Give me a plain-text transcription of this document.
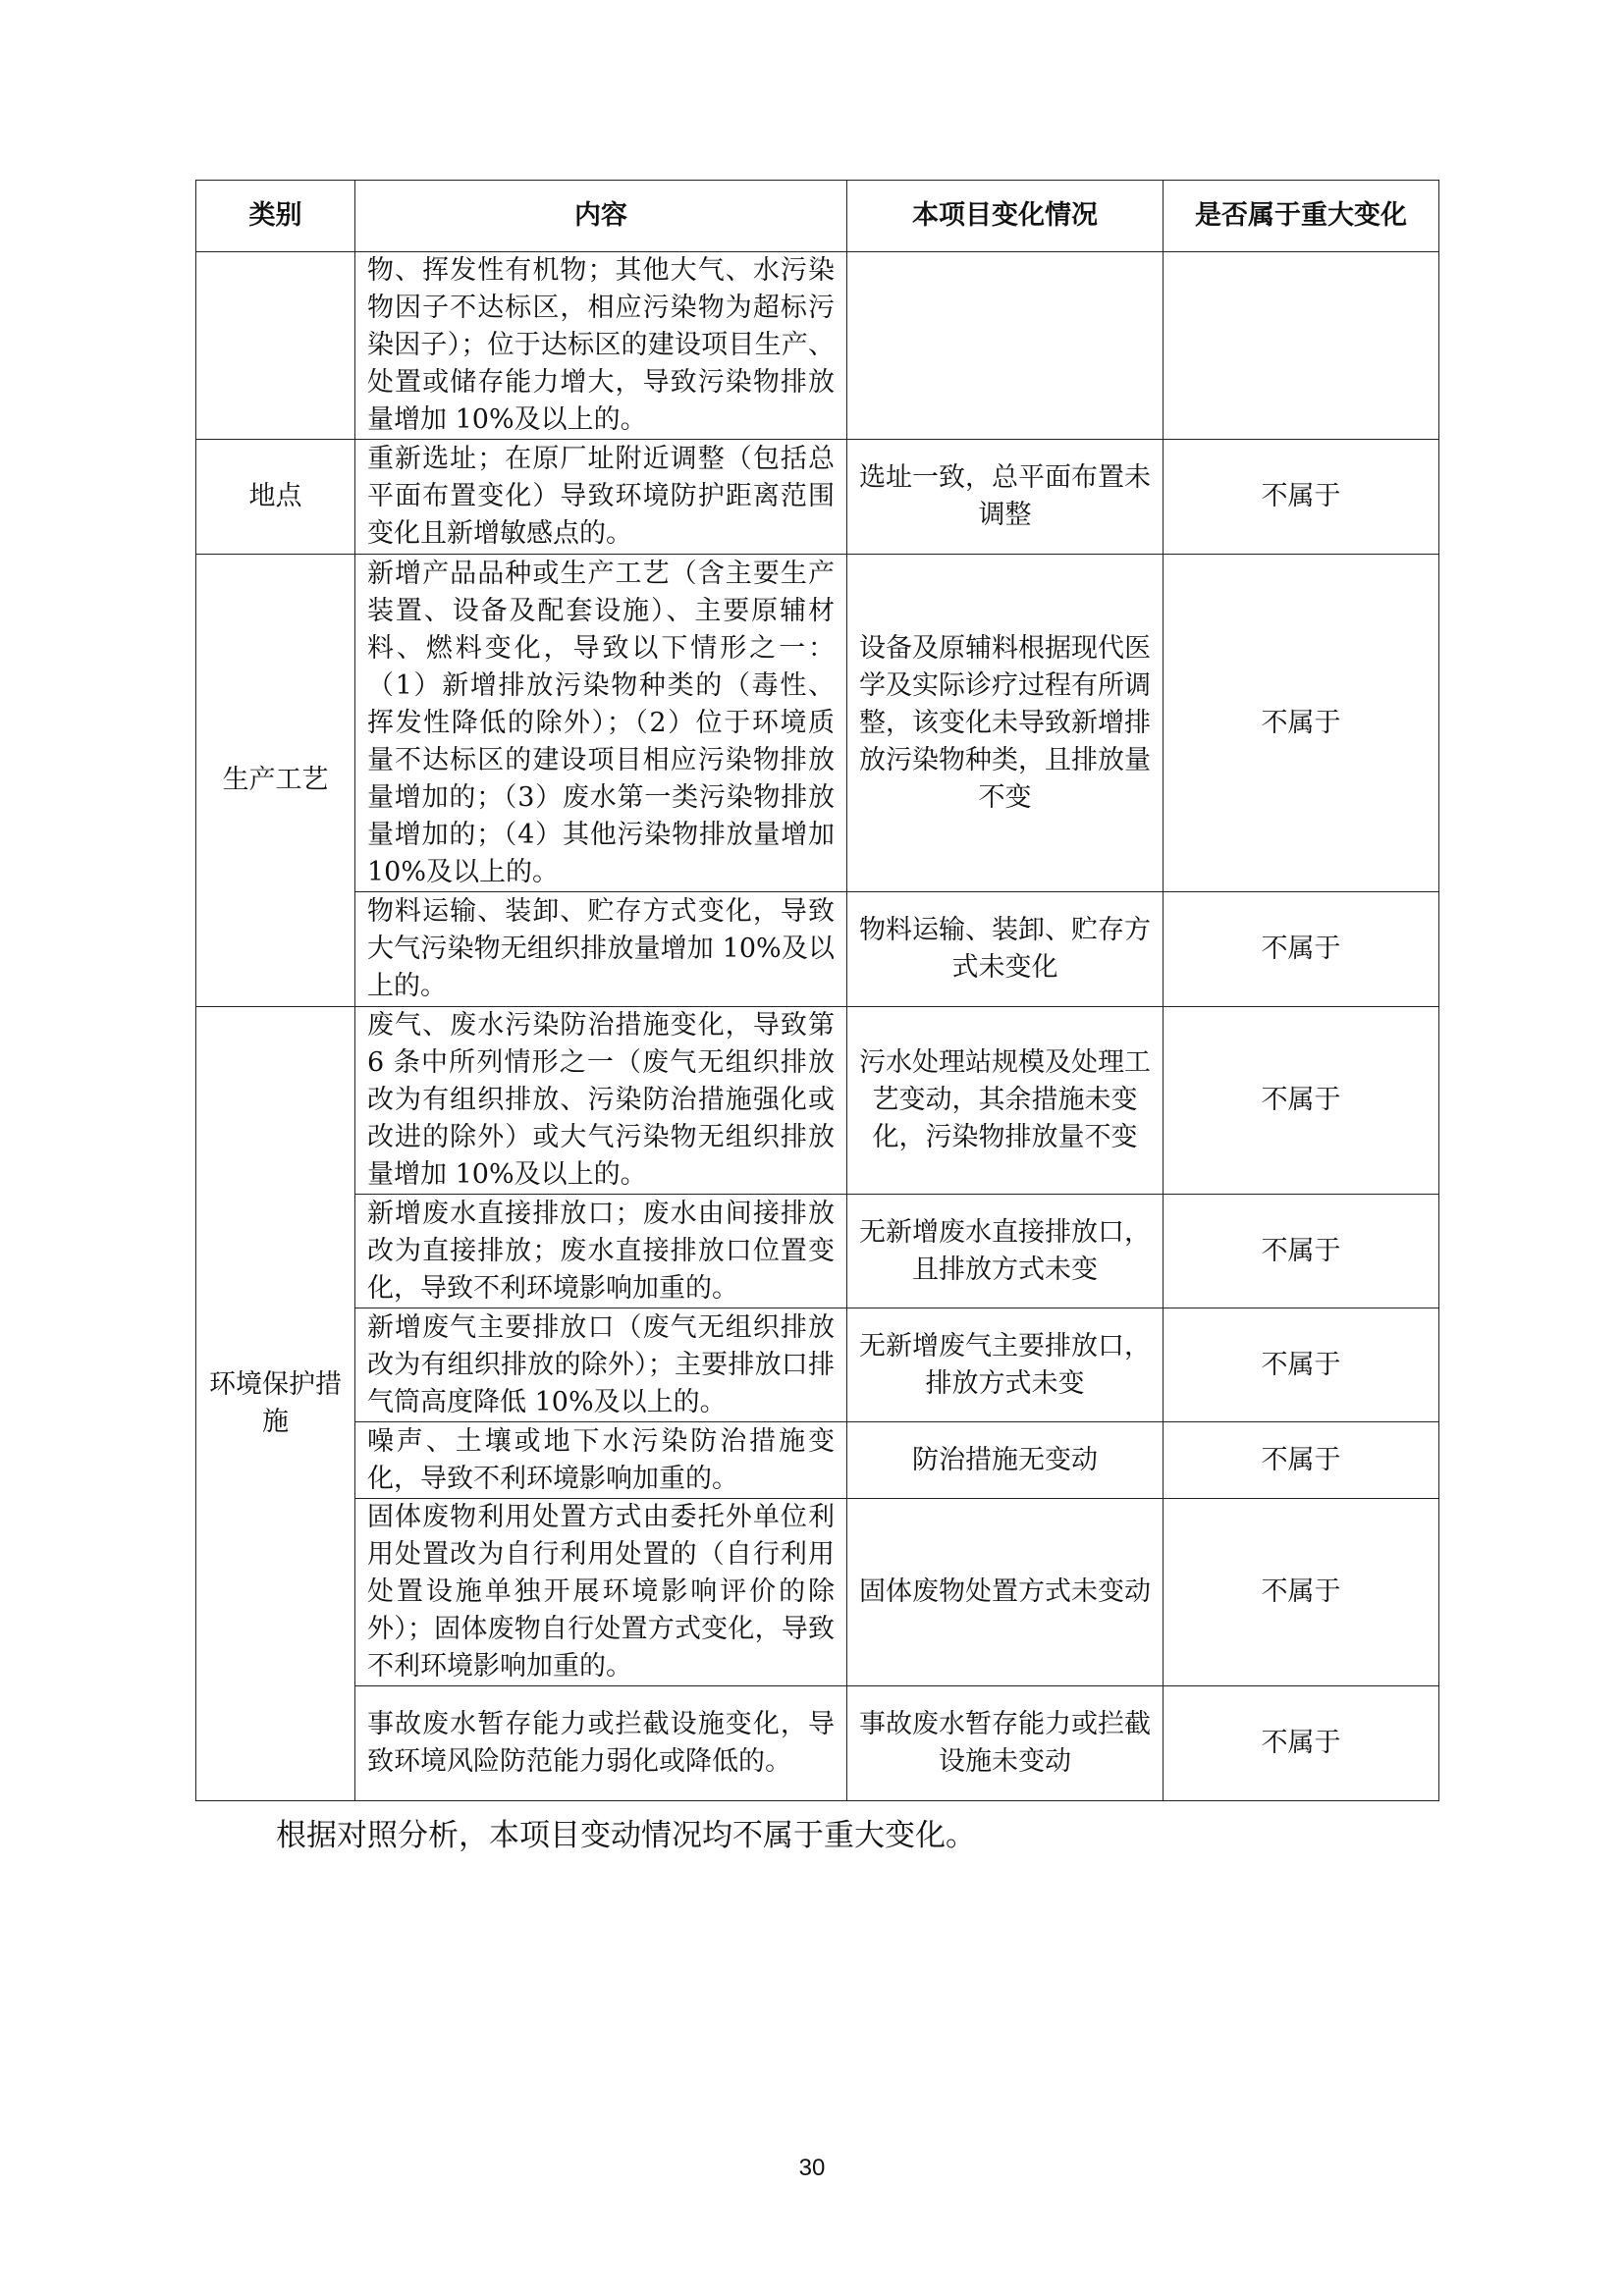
类别	内容	本项目变化情况	是否属于重大变化
	物、挥发性有机物；其他大气、水污染物因子不达标区，相应污染物为超标污染因子）；位于达标区的建设项目生产、处置或储存能力增大，导致污染物排放量增加 10%及以上的。		
地点	重新选址；在原厂址附近调整（包括总平面布置变化）导致环境防护距离范围变化且新增敏感点的。	选址一致，总平面布置未调整	不属于
生产工艺	新增产品品种或生产工艺（含主要生产装置、设备及配套设施）、主要原辅材料、燃料变化，导致以下情形之一：（1）新增排放污染物种类的（毒性、挥发性降低的除外）；（2）位于环境质量不达标区的建设项目相应污染物排放量增加的；（3）废水第一类污染物排放量增加的；（4）其他污染物排放量增加 10%及以上的。	设备及原辅料根据现代医学及实际诊疗过程有所调整，该变化未导致新增排放污染物种类，且排放量不变	不属于
	物料运输、装卸、贮存方式变化，导致大气污染物无组织排放量增加 10%及以上的。	物料运输、装卸、贮存方式未变化	不属于
环境保护措施	废气、废水污染防治措施变化，导致第 6 条中所列情形之一（废气无组织排放改为有组织排放、污染防治措施强化或改进的除外）或大气污染物无组织排放量增加 10%及以上的。	污水处理站规模及处理工艺变动，其余措施未变化，污染物排放量不变	不属于
	新增废水直接排放口；废水由间接排放改为直接排放；废水直接排放口位置变化，导致不利环境影响加重的。	无新增废水直接排放口，且排放方式未变	不属于
	新增废气主要排放口（废气无组织排放改为有组织排放的除外）；主要排放口排气筒高度降低 10%及以上的。	无新增废气主要排放口，排放方式未变	不属于
	噪声、土壤或地下水污染防治措施变化，导致不利环境影响加重的。	防治措施无变动	不属于
	固体废物利用处置方式由委托外单位利用处置改为自行利用处置的（自行利用处置设施单独开展环境影响评价的除外）；固体废物自行处置方式变化，导致不利环境影响加重的。	固体废物处置方式未变动	不属于
	事故废水暂存能力或拦截设施变化，导致环境风险防范能力弱化或降低的。	事故废水暂存能力或拦截设施未变动	不属于
根据对照分析，本项目变动情况均不属于重大变化。
30
